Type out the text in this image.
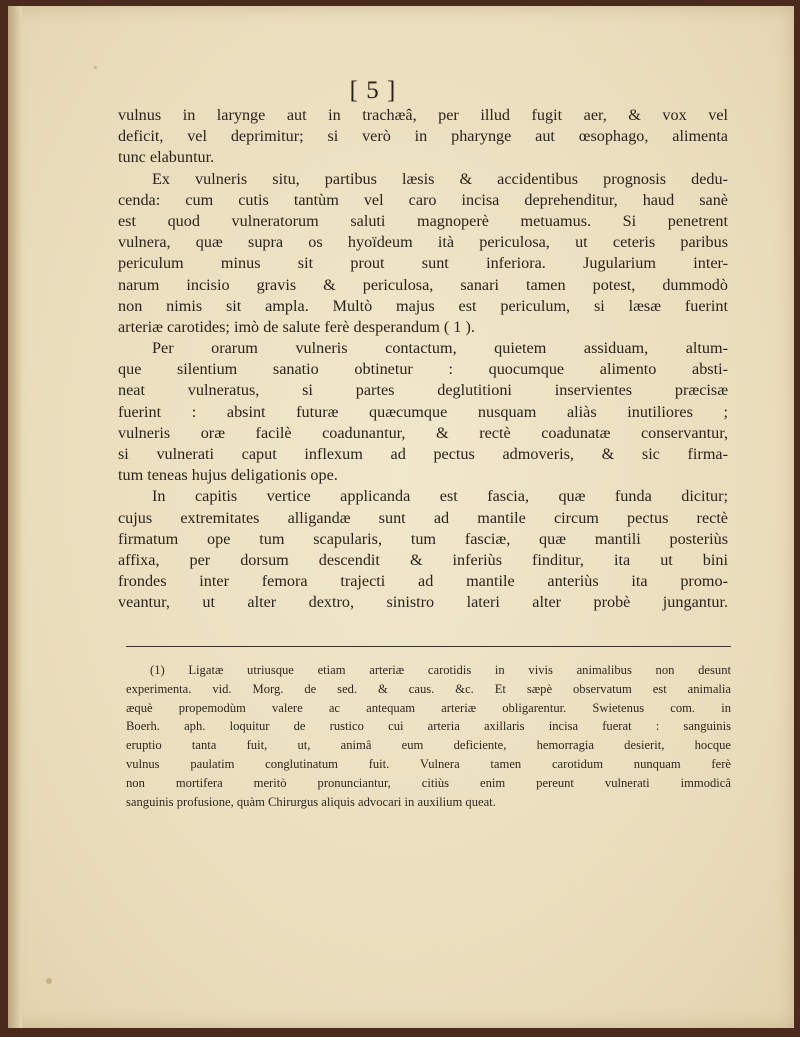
[ 5 ]
vulnus in larynge aut in trachæâ, per illud fugit aer, & vox vel
deficit, vel deprimitur; si verò in pharynge aut œsophago, alimenta
tunc elabuntur.
Ex vulneris situ, partibus læsis & accidentibus prognosis dedu-
cenda: cum cutis tantùm vel caro incisa deprehenditur, haud sanè
est quod vulneratorum saluti magnoperè metuamus. Si penetrent
vulnera, quæ supra os hyoïdeum ità periculosa, ut ceteris paribus
periculum minus sit prout sunt inferiora. Jugularium inter-
narum incisio gravis & periculosa, sanari tamen potest, dummodò
non nimis sit ampla. Multò majus est periculum, si læsæ fuerint
arteriæ carotides; imò de salute ferè desperandum ( 1 ).
Per orarum vulneris contactum, quietem assiduam, altum-
que silentium sanatio obtinetur : quocumque alimento absti-
neat vulneratus, si partes deglutitioni inservientes præcisæ
fuerint : absint futuræ quæcumque nusquam aliàs inutiliores ;
vulneris oræ facilè coadunantur, & rectè coadunatæ conservantur,
si vulnerati caput inflexum ad pectus admoveris, & sic firma-
tum teneas hujus deligationis ope.
In capitis vertice applicanda est fascia, quæ funda dicitur;
cujus extremitates alligandæ sunt ad mantile circum pectus rectè
firmatum ope tum scapularis, tum fasciæ, quæ mantili posteriùs
affixa, per dorsum descendit & inferiùs finditur, ita ut bini
frondes inter femora trajecti ad mantile anteriùs ita promo-
veantur, ut alter dextro, sinistro lateri alter probè jungantur.
(1) Ligatæ utriusque etiam arteriæ carotidis in vivis animalibus non desunt
experimenta. vid. Morg. de sed. & caus. &c. Et sæpè observatum est animalia
æquè propemodùm valere ac antequam arteriæ obligarentur. Swietenus com. in
Boerh. aph. loquitur de rustico cui arteria axillaris incisa fuerat : sanguinis
eruptio tanta fuit, ut, animâ eum deficiente, hemorragia desierit, hocque
vulnus paulatim conglutinatum fuit. Vulnera tamen carotidum nunquam ferè
non mortifera meritò pronunciantur, citiùs enim pereunt vulnerati immodicâ
sanguinis profusione, quàm Chirurgus aliquis advocari in auxilium queat.
